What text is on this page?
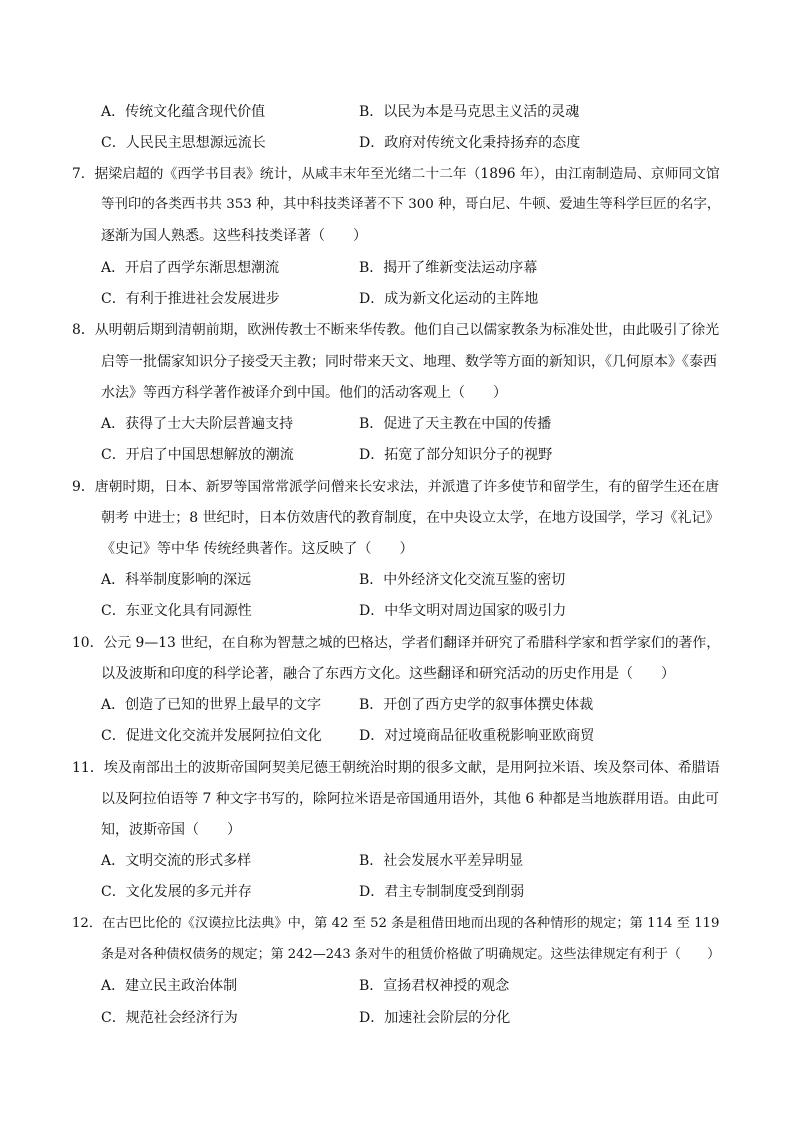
A．传统文化蕴含现代价值	B．以民为本是马克思主义活的灵魂
C．人民民主思想源远流长	D．政府对传统文化秉持扬弃的态度
7．据梁启超的《西学书目表》统计，从咸丰末年至光绪二十二年（1896 年），由江南制造局、京师同文馆
等刊印的各类西书共 353 种，其中科技类译著不下 300 种，哥白尼、牛顿、爱迪生等科学巨匠的名字，
逐渐为国人熟悉。这些科技类译著（　　）
A．开启了西学东渐思想潮流	B．揭开了维新变法运动序幕
C．有利于推进社会发展进步	D．成为新文化运动的主阵地
8．从明朝后期到清朝前期，欧洲传教士不断来华传教。他们自己以儒家教条为标准处世，由此吸引了徐光
启等一批儒家知识分子接受天主教；同时带来天文、地理、数学等方面的新知识，《几何原本》《泰西
水法》等西方科学著作被译介到中国。他们的活动客观上（　　）
A．获得了士大夫阶层普遍支持	B．促进了天主教在中国的传播
C．开启了中国思想解放的潮流	D．拓宽了部分知识分子的视野
9．唐朝时期，日本、新罗等国常常派学问僧来长安求法，并派遣了许多使节和留学生，有的留学生还在唐
朝考 中进士；8 世纪时，日本仿效唐代的教育制度，在中央设立太学，在地方设国学，学习《礼记》
《史记》等中华 传统经典著作。这反映了（　　）
A．科举制度影响的深远	B．中外经济文化交流互鉴的密切
C．东亚文化具有同源性	D．中华文明对周边国家的吸引力
10．公元 9—13 世纪，在自称为智慧之城的巴格达，学者们翻译并研究了希腊科学家和哲学家们的著作，
以及波斯和印度的科学论著，融合了东西方文化。这些翻译和研究活动的历史作用是（　　）
A．创造了已知的世界上最早的文字	B．开创了西方史学的叙事体撰史体裁
C．促进文化交流并发展阿拉伯文化	D．对过境商品征收重税影响亚欧商贸
11．埃及南部出土的波斯帝国阿契美尼德王朝统治时期的很多文献，是用阿拉米语、埃及祭司体、希腊语
以及阿拉伯语等 7 种文字书写的，除阿拉米语是帝国通用语外，其他 6 种都是当地族群用语。由此可
知，波斯帝国（　　）
A．文明交流的形式多样	B．社会发展水平差异明显
C．文化发展的多元并存	D．君主专制制度受到削弱
12．在古巴比伦的《汉谟拉比法典》中，第 42 至 52 条是租借田地而出现的各种情形的规定；第 114 至 119
条是对各种债权债务的规定；第 242—243 条对牛的租赁价格做了明确规定。这些法律规定有利于（　　）
A．建立民主政治体制	B．宣扬君权神授的观念
C．规范社会经济行为	D．加速社会阶层的分化
